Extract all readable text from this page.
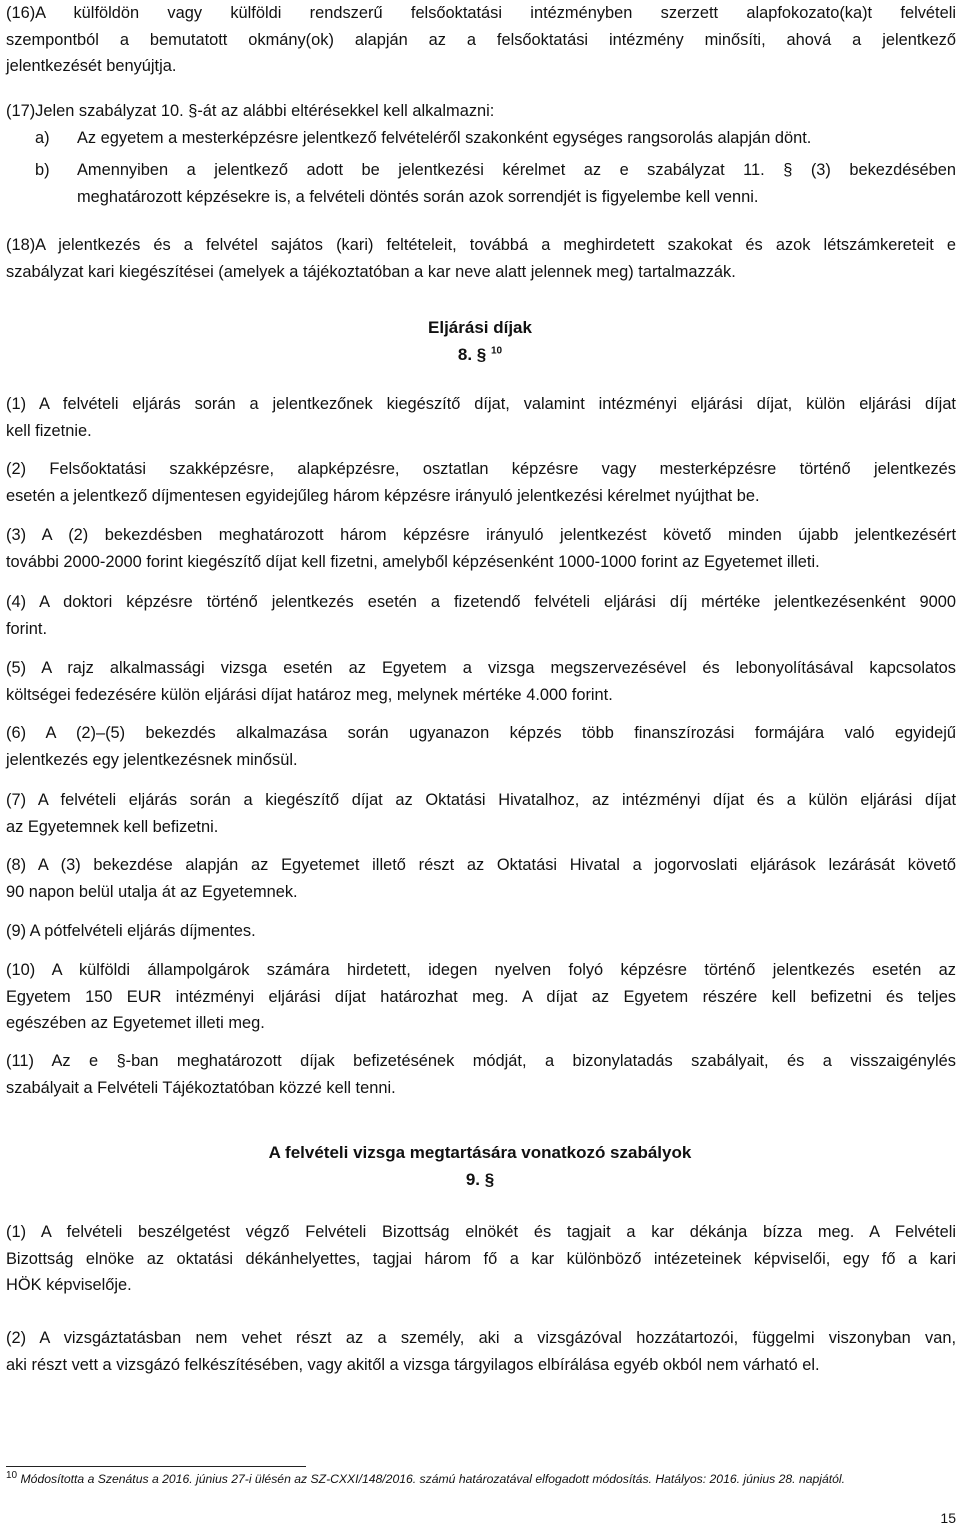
(16)A külföldön vagy külföldi rendszerű felsőoktatási intézményben szerzett alapfokozato(ka)t felvételi
szempontból a bemutatott okmány(ok) alapján az a felsőoktatási intézmény minősíti, ahová a jelentkező
jelentkezését benyújtja.
(17)Jelen szabályzat 10. §-át az alábbi eltérésekkel kell alkalmazni:
a) Az egyetem a mesterképzésre jelentkező felvételéről szakonként egységes rangsorolás alapján dönt.
b) Amennyiben a jelentkező adott be jelentkezési kérelmet az e szabályzat 11. § (3) bekezdésében
meghatározott képzésekre is, a felvételi döntés során azok sorrendjét is figyelembe kell venni.
(18)A jelentkezés és a felvétel sajátos (kari) feltételeit, továbbá a meghirdetett szakokat és azok létszámkereteit e
szabályzat kari kiegészítései (amelyek a tájékoztatóban a kar neve alatt jelennek meg) tartalmazzák.
Eljárási díjak
8. § $^{10}$
(1) A felvételi eljárás során a jelentkezőnek kiegészítő díjat, valamint intézményi eljárási díjat, külön eljárási díjat
kell fizetnie.
(2) Felsőoktatási szakképzésre, alapképzésre, osztatlan képzésre vagy mesterképzésre történő jelentkezés
esetén a jelentkező díjmentesen egyidejűleg három képzésre irányuló jelentkezési kérelmet nyújthat be.
(3) A (2) bekezdésben meghatározott három képzésre irányuló jelentkezést követő minden újabb jelentkezésért
további 2000-2000 forint kiegészítő díjat kell fizetni, amelyből képzésenként 1000-1000 forint az Egyetemet illeti.
(4) A doktori képzésre történő jelentkezés esetén a fizetendő felvételi eljárási díj mértéke jelentkezésenként 9000
forint.
(5) A rajz alkalmassági vizsga esetén az Egyetem a vizsga megszervezésével és lebonyolításával kapcsolatos
költségei fedezésére külön eljárási díjat határoz meg, melynek mértéke 4.000 forint.
(6) A (2)–(5) bekezdés alkalmazása során ugyanazon képzés több finanszírozási formájára való egyidejű
jelentkezés egy jelentkezésnek minősül.
(7) A felvételi eljárás során a kiegészítő díjat az Oktatási Hivatalhoz, az intézményi díjat és a külön eljárási díjat
az Egyetemnek kell befizetni.
(8) A (3) bekezdése alapján az Egyetemet illető részt az Oktatási Hivatal a jogorvoslati eljárások lezárását követő
90 napon belül utalja át az Egyetemnek.
(9) A pótfelvételi eljárás díjmentes.
(10) A külföldi állampolgárok számára hirdetett, idegen nyelven folyó képzésre történő jelentkezés esetén az
Egyetem 150 EUR intézményi eljárási díjat határozhat meg. A díjat az Egyetem részére kell befizetni és teljes
egészében az Egyetemet illeti meg.
(11) Az e §-ban meghatározott díjak befizetésének módját, a bizonylatadás szabályait, és a visszaigénylés
szabályait a Felvételi Tájékoztatóban közzé kell tenni.
A felvételi vizsga megtartására vonatkozó szabályok
9. §
(1) A felvételi beszélgetést végző Felvételi Bizottság elnökét és tagjait a kar dékánja bízza meg. A Felvételi
Bizottság elnöke az oktatási dékánhelyettes, tagjai három fő a kar különböző intézeteinek képviselői, egy fő a kari
HÖK képviselője.
(2) A vizsgáztatásban nem vehet részt az a személy, aki a vizsgázóval hozzátartozói, függelmi viszonyban van,
aki részt vett a vizsgázó felkészítésében, vagy akitől a vizsga tárgyilagos elbírálása egyéb okból nem várható el.
$^{10}$ Módosította a Szenátus a 2016. június 27-i ülésén az SZ-CXXI/148/2016. számú határozatával elfogadott módosítás. Hatályos: 2016. június 28. napjától.
15
